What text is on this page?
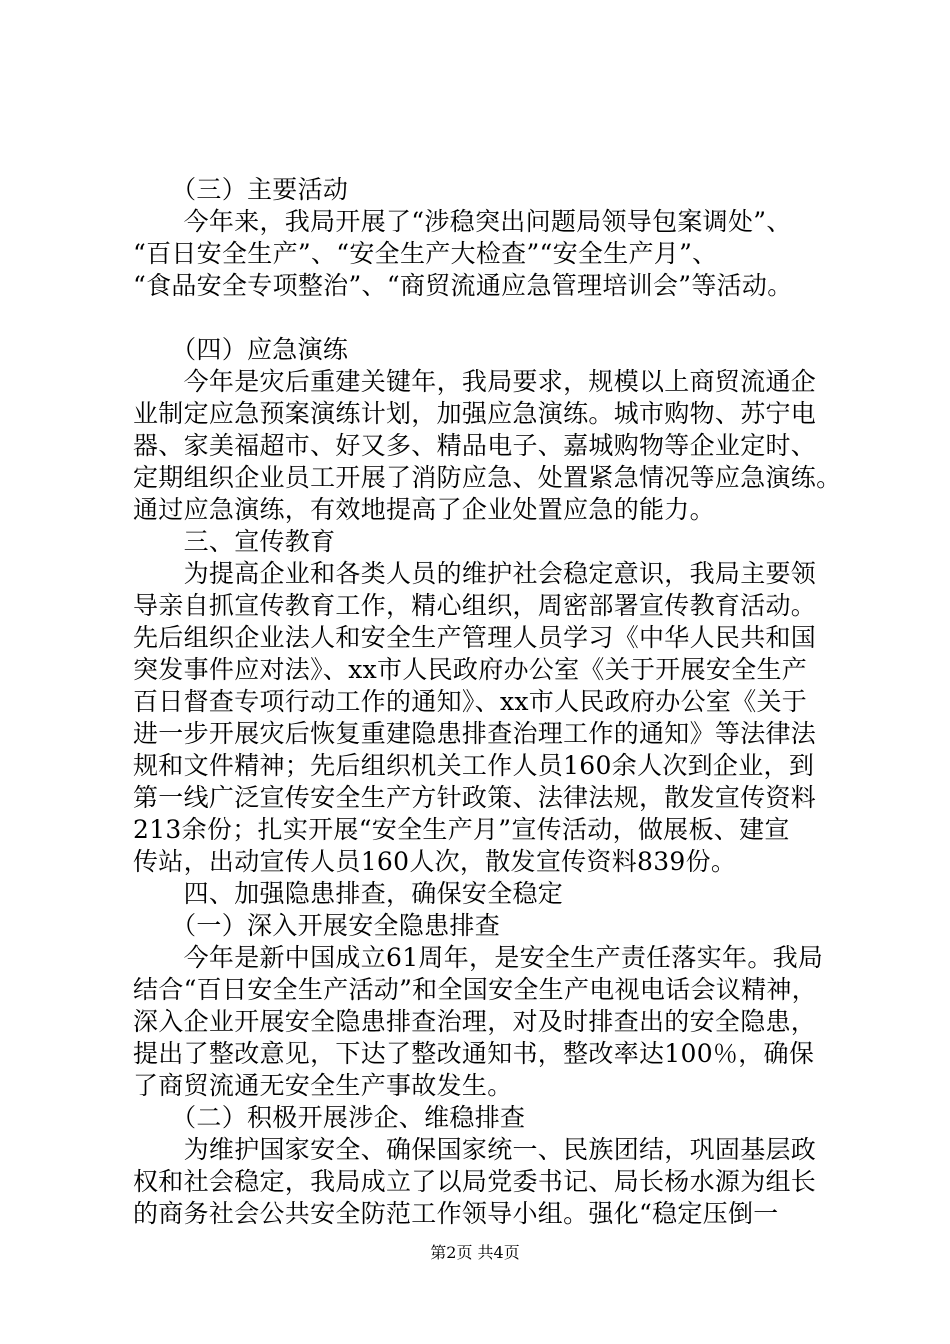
　　（三）主要活动
　　今年来，我局开展了“涉稳突出问题局领导包案调处”、
“百日安全生产”、“安全生产大检查”“安全生产月”、
“食品安全专项整治”、“商贸流通应急管理培训会”等活动。
　　（四）应急演练
　　今年是灾后重建关键年，我局要求，规模以上商贸流通企
业制定应急预案演练计划，加强应急演练。城市购物、苏宁电
器、家美福超市、好又多、精品电子、嘉城购物等企业定时、
定期组织企业员工开展了消防应急、处置紧急情况等应急演练。
通过应急演练，有效地提高了企业处置应急的能力。
　　三、宣传教育
　　为提高企业和各类人员的维护社会稳定意识，我局主要领
导亲自抓宣传教育工作，精心组织，周密部署宣传教育活动。
先后组织企业法人和安全生产管理人员学习《中华人民共和国
突发事件应对法》、xx市人民政府办公室《关于开展安全生产
百日督查专项行动工作的通知》、xx市人民政府办公室《关于
进一步开展灾后恢复重建隐患排查治理工作的通知》等法律法
规和文件精神；先后组织机关工作人员160余人次到企业，到
第一线广泛宣传安全生产方针政策、法律法规，散发宣传资料
213余份；扎实开展“安全生产月”宣传活动，做展板、建宣
传站，出动宣传人员160人次，散发宣传资料839份。
　　四、加强隐患排查，确保安全稳定
　　（一）深入开展安全隐患排查
　　今年是新中国成立61周年，是安全生产责任落实年。我局
结合“百日安全生产活动”和全国安全生产电视电话会议精神，
深入企业开展安全隐患排查治理，对及时排查出的安全隐患，
提出了整改意见，下达了整改通知书，整改率达100％，确保
了商贸流通无安全生产事故发生。
　　（二）积极开展涉企、维稳排查
　　为维护国家安全、确保国家统一、民族团结，巩固基层政
权和社会稳定，我局成立了以局党委书记、局长杨水源为组长
的商务社会公共安全防范工作领导小组。强化“稳定压倒一
第2页 共4页
